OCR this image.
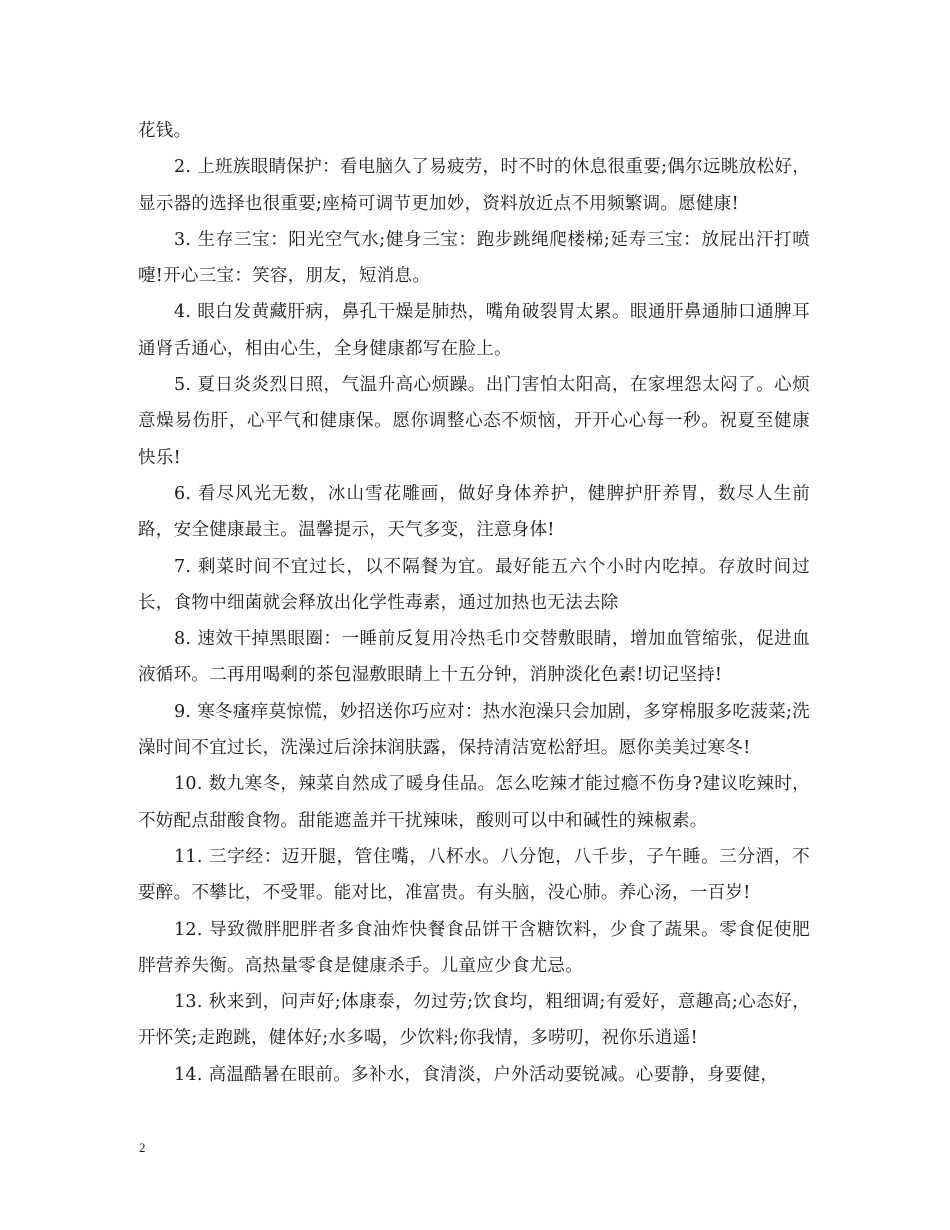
花钱。

2. 上班族眼睛保护：看电脑久了易疲劳，时不时的休息很重要;偶尔远眺放松好，显示器的选择也很重要;座椅可调节更加妙，资料放近点不用频繁调。愿健康!

3. 生存三宝：阳光空气水;健身三宝：跑步跳绳爬楼梯;延寿三宝：放屁出汗打喷嚏!开心三宝：笑容，朋友，短消息。

4. 眼白发黄藏肝病，鼻孔干燥是肺热，嘴角破裂胃太累。眼通肝鼻通肺口通脾耳通肾舌通心，相由心生，全身健康都写在脸上。

5. 夏日炎炎烈日照，气温升高心烦躁。出门害怕太阳高，在家埋怨太闷了。心烦意燥易伤肝，心平气和健康保。愿你调整心态不烦恼，开开心心每一秒。祝夏至健康快乐!

6. 看尽风光无数，冰山雪花雕画，做好身体养护，健脾护肝养胃，数尽人生前路，安全健康最主。温馨提示，天气多变，注意身体!

7. 剩菜时间不宜过长，以不隔餐为宜。最好能五六个小时内吃掉。存放时间过长，食物中细菌就会释放出化学性毒素，通过加热也无法去除

8. 速效干掉黑眼圈：一睡前反复用冷热毛巾交替敷眼睛，增加血管缩张，促进血液循环。二再用喝剩的茶包湿敷眼睛上十五分钟，消肿淡化色素!切记坚持!

9. 寒冬瘙痒莫惊慌，妙招送你巧应对：热水泡澡只会加剧，多穿棉服多吃菠菜;洗澡时间不宜过长，洗澡过后涂抹润肤露，保持清洁宽松舒坦。愿你美美过寒冬!

10. 数九寒冬，辣菜自然成了暖身佳品。怎么吃辣才能过瘾不伤身?建议吃辣时，不妨配点甜酸食物。甜能遮盖并干扰辣味，酸则可以中和碱性的辣椒素。

11. 三字经：迈开腿，管住嘴，八杯水。八分饱，八千步，子午睡。三分酒，不要醉。不攀比，不受罪。能对比，准富贵。有头脑，没心肺。养心汤，一百岁!

12. 导致微胖肥胖者多食油炸快餐食品饼干含糖饮料，少食了蔬果。零食促使肥胖营养失衡。高热量零食是健康杀手。儿童应少食尤忌。

13. 秋来到，问声好;体康泰，勿过劳;饮食均，粗细调;有爱好，意趣高;心态好，开怀笑;走跑跳，健体好;水多喝，少饮料;你我情，多唠叨，祝你乐逍遥!

14. 高温酷暑在眼前。多补水，食清淡，户外活动要锐减。心要静，身要健，

2
